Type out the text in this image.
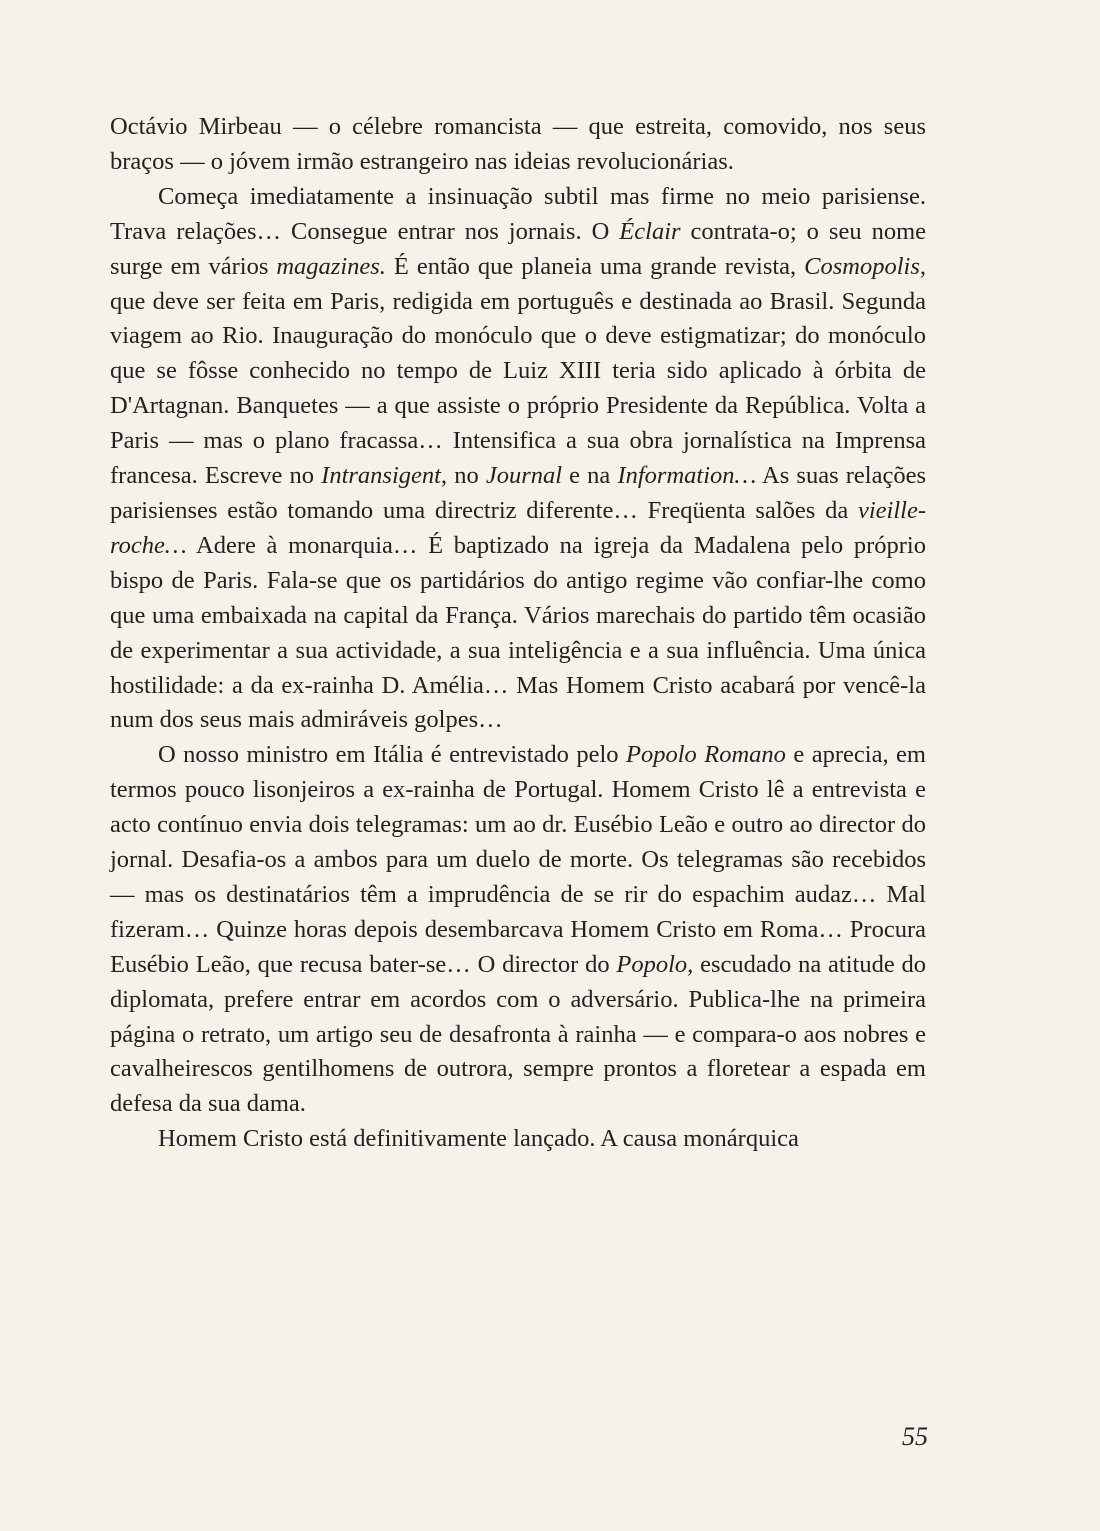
Octávio Mirbeau — o célebre romancista — que estreita, comovido, nos seus braços — o jóvem irmão estrangeiro nas ideias revolucionárias.

Começa imediatamente a insinuação subtil mas firme no meio parisiense. Trava relações… Consegue entrar nos jornais. O Éclair contrata-o; o seu nome surge em vários magazines. É então que planeia uma grande revista, Cosmopolis, que deve ser feita em Paris, redigida em português e destinada ao Brasil. Segunda viagem ao Rio. Inauguração do monóculo que o deve estigmatizar; do monóculo que se fôsse conhecido no tempo de Luiz XIII teria sido aplicado à órbita de D'Artagnan. Banquetes — a que assiste o próprio Presidente da República. Volta a Paris — mas o plano fracassa… Intensifica a sua obra jornalística na Imprensa francesa. Escreve no Intransigent, no Journal e na Information… As suas relações parisienses estão tomando uma directriz diferente… Freqüenta salões da vieille-roche… Adere à monarquia… É baptizado na igreja da Madalena pelo próprio bispo de Paris. Fala-se que os partidários do antigo regime vão confiar-lhe como que uma embaixada na capital da França. Vários marechais do partido têm ocasião de experimentar a sua actividade, a sua inteligência e a sua influência. Uma única hostilidade: a da ex-rainha D. Amélia… Mas Homem Cristo acabará por vencê-la num dos seus mais admiráveis golpes…

O nosso ministro em Itália é entrevistado pelo Popolo Romano e aprecia, em termos pouco lisonjeiros a ex-rainha de Portugal. Homem Cristo lê a entrevista e acto contínuo envia dois telegramas: um ao dr. Eusébio Leão e outro ao director do jornal. Desafia-os a ambos para um duelo de morte. Os telegramas são recebidos — mas os destinatários têm a imprudência de se rir do espachim audaz… Mal fizeram… Quinze horas depois desembarcava Homem Cristo em Roma… Procura Eusébio Leão, que recusa bater-se… O director do Popolo, escudado na atitude do diplomata, prefere entrar em acordos com o adversário. Publica-lhe na primeira página o retrato, um artigo seu de desafronta à rainha — e compara-o aos nobres e cavalheirescos gentilhomens de outrora, sempre prontos a floretear a espada em defesa da sua dama.

Homem Cristo está definitivamente lançado. A causa monárquica

55
